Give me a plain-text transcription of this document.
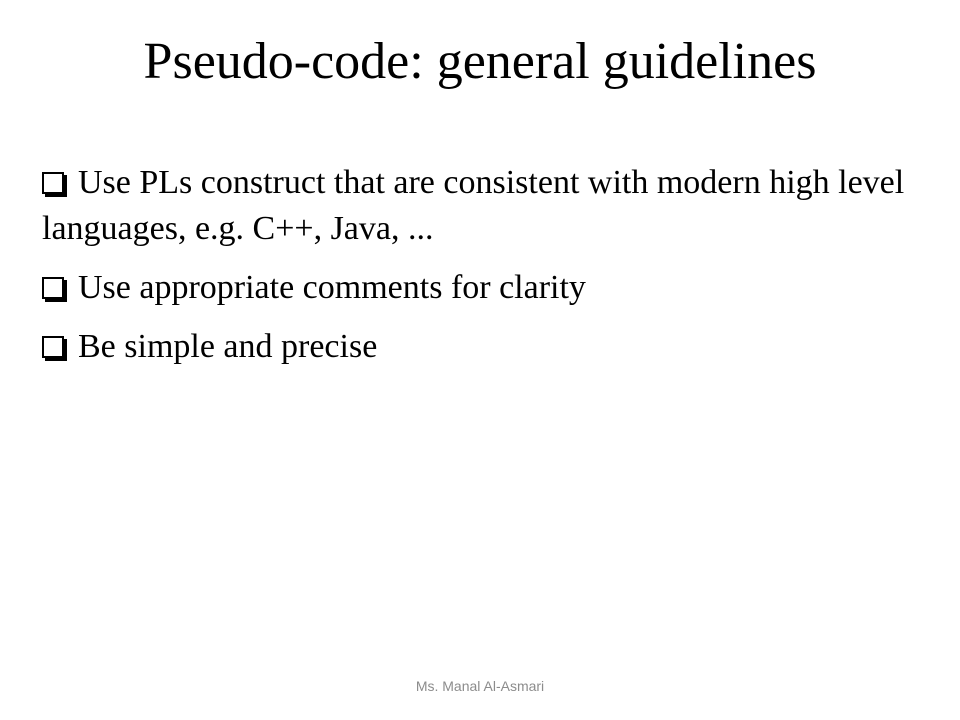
Pseudo-code: general guidelines
Use PLs construct that are consistent with modern high level languages, e.g. C++, Java, ...
Use appropriate comments for clarity
Be simple and precise
Ms. Manal Al-Asmari
